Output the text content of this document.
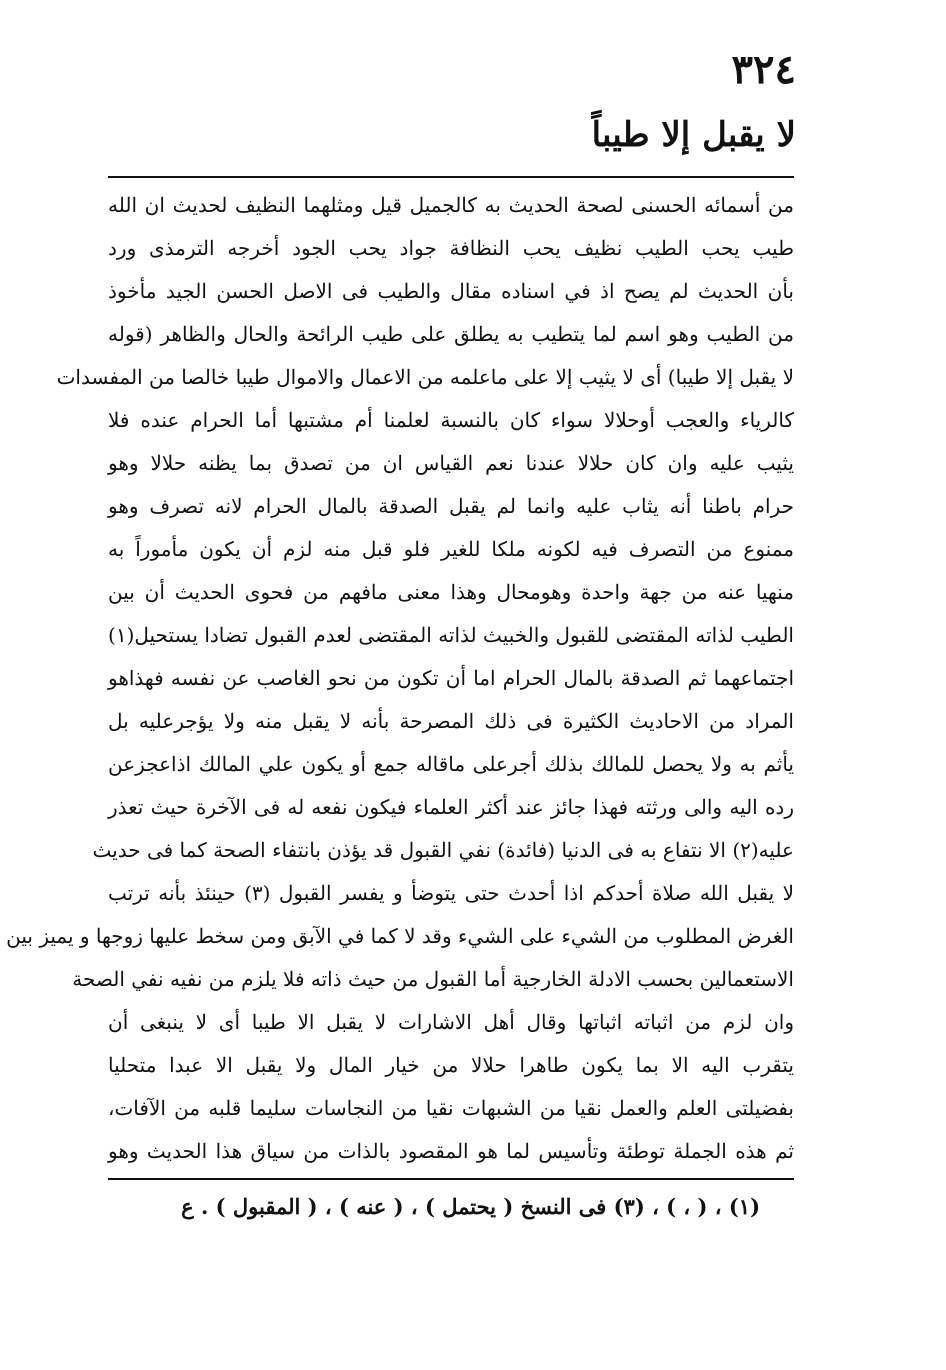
٣٢٤
لا يقبل إلا طيباً
من أسمائه الحسنى لصحة الحديث به كالجميل قيل ومثلهما النظيف لحديث ان الله
طيب يحب الطيب نظيف يحب النظافة جواد يحب الجود أخرجه الترمذى ورد
بأن الحديث لم يصح اذ في اسناده مقال والطيب فى الاصل الحسن الجيد مأخوذ
من الطيب وهو اسم لما يتطيب به يطلق على طيب الرائحة والحال والظاهر (قوله
لا يقبل إلا طيبا) أى لا يثيب إلا على ماعلمه من الاعمال والاموال طيبا خالصا من المفسدات
كالرياء والعجب أوحلالا سواء كان بالنسبة لعلمنا أم مشتبها أما الحرام عنده فلا
يثيب عليه وان كان حلالا عندنا نعم القياس ان من تصدق بما يظنه حلالا وهو
حرام باطنا أنه يثاب عليه وانما لم يقبل الصدقة بالمال الحرام لانه تصرف وهو
ممنوع من التصرف فيه لكونه ملكا للغير فلو قبل منه لزم أن يكون مأموراً به
منهيا عنه من جهة واحدة وهومحال وهذا معنى مافهم من فحوى الحديث أن بين
الطيب لذاته المقتضى للقبول والخبيث لذاته المقتضى لعدم القبول تضادا يستحيل(١)
اجتماعهما ثم الصدقة بالمال الحرام اما أن تكون من نحو الغاصب عن نفسه فهذاهو
المراد من الاحاديث الكثيرة فى ذلك المصرحة بأنه لا يقبل منه ولا يؤجرعليه بل
يأثم به ولا يحصل للمالك بذلك أجرعلى ماقاله جمع أو يكون علي المالك اذاعجزعن
رده اليه والى ورثته فهذا جائز عند أكثر العلماء فيكون نفعه له فى الآخرة حيث تعذر
عليه(٢) الا نتفاع به فى الدنيا (فائدة) نفي القبول قد يؤذن بانتفاء الصحة كما فى حديث
لا يقبل الله صلاة أحدكم اذا أحدث حتى يتوضأ و يفسر القبول (٣) حينئذ بأنه ترتب
الغرض المطلوب من الشيء على الشيء وقد لا كما في الآبق ومن سخط عليها زوجها و يميز بين
الاستعمالين بحسب الادلة الخارجية أما القبول من حيث ذاته فلا يلزم من نفيه نفي الصحة
وان لزم من اثباته اثباتها وقال أهل الاشارات لا يقبل الا طيبا أى لا ينبغى أن
يتقرب اليه الا بما يكون طاهرا حلالا من خيار المال ولا يقبل الا عبدا متحليا
بفضيلتى العلم والعمل نقيا من الشبهات نقيا من النجاسات سليما قلبه من الآفات،
ثم هذه الجملة توطئة وتأسيس لما هو المقصود بالذات من سياق هذا الحديث وهو
(١) ، ( ، ) ، (٣) فى النسخ ( يحتمل ) ، ( عنه ) ، ( المقبول ) . ع
